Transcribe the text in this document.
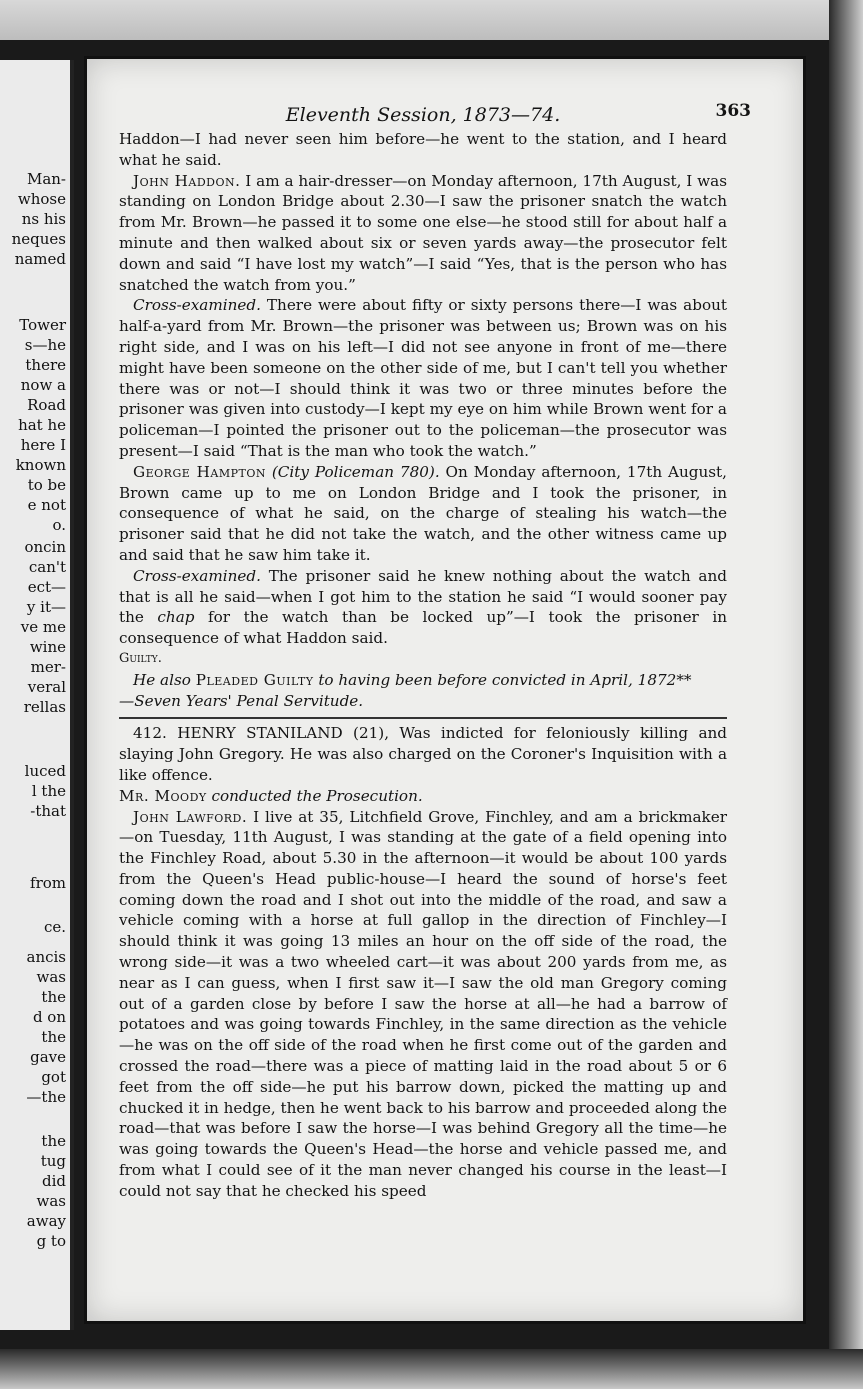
Man-
whose
ns his
neques
named
Tower
s—he
there
now a
Road
hat he
here I
known
to be
e not
o.
oncin
can't
ect—
y it—
ve me
wine
mer-
veral
rellas
luced
l the
-that
from
ce.
ancis
was
the
d on
the
gave
got
—the
the
tug
did
was
away
g to
Eleventh Session, 1873—74.	363

Haddon—I had never seen him before—he went to the station, and I heard what he said.

John Haddon. I am a hair-dresser—on Monday afternoon, 17th August, I was standing on London Bridge about 2.30—I saw the prisoner snatch the watch from Mr. Brown—he passed it to some one else—he stood still for about half a minute and then walked about six or seven yards away—the prosecutor felt down and said “I have lost my watch”—I said “Yes, that is the person who has snatched the watch from you.”

Cross-examined. There were about fifty or sixty persons there—I was about half-a-yard from Mr. Brown—the prisoner was between us; Brown was on his right side, and I was on his left—I did not see anyone in front of me—there might have been someone on the other side of me, but I can't tell you whether there was or not—I should think it was two or three minutes before the prisoner was given into custody—I kept my eye on him while Brown went for a policeman—I pointed the prisoner out to the policeman—the prosecutor was present—I said “That is the man who took the watch.”

George Hampton (City Policeman 780). On Monday afternoon, 17th August, Brown came up to me on London Bridge and I took the prisoner, in consequence of what he said, on the charge of stealing his watch—the prisoner said that he did not take the watch, and the other witness came up and said that he saw him take it.

Cross-examined. The prisoner said he knew nothing about the watch and that is all he said—when I got him to the station he said “I would sooner pay the chap for the watch than be locked up”—I took the prisoner in consequence of what Haddon said.

Guilty.

He also Pleaded Guilty to having been before convicted in April, 1872**
—Seven Years' Penal Servitude.

412. HENRY STANILAND (21), Was indicted for feloniously killing and slaying John Gregory. He was also charged on the Coroner's Inquisition with a like offence.

Mr. Moody conducted the Prosecution.

John Lawford. I live at 35, Litchfield Grove, Finchley, and am a brickmaker—on Tuesday, 11th August, I was standing at the gate of a field opening into the Finchley Road, about 5.30 in the afternoon—it would be about 100 yards from the Queen's Head public-house—I heard the sound of horse's feet coming down the road and I shot out into the middle of the road, and saw a vehicle coming with a horse at full gallop in the direction of Finchley—I should think it was going 13 miles an hour on the off side of the road, the wrong side—it was a two wheeled cart—it was about 200 yards from me, as near as I can guess, when I first saw it—I saw the old man Gregory coming out of a garden close by before I saw the horse at all—he had a barrow of potatoes and was going towards Finchley, in the same direction as the vehicle—he was on the off side of the road when he first come out of the garden and crossed the road—there was a piece of matting laid in the road about 5 or 6 feet from the off side—he put his barrow down, picked the matting up and chucked it in hedge, then he went back to his barrow and proceeded along the road—that was before I saw the horse—I was behind Gregory all the time—he was going towards the Queen's Head—the horse and vehicle passed me, and from what I could see of it the man never changed his course in the least—I could not say that he checked his speed
